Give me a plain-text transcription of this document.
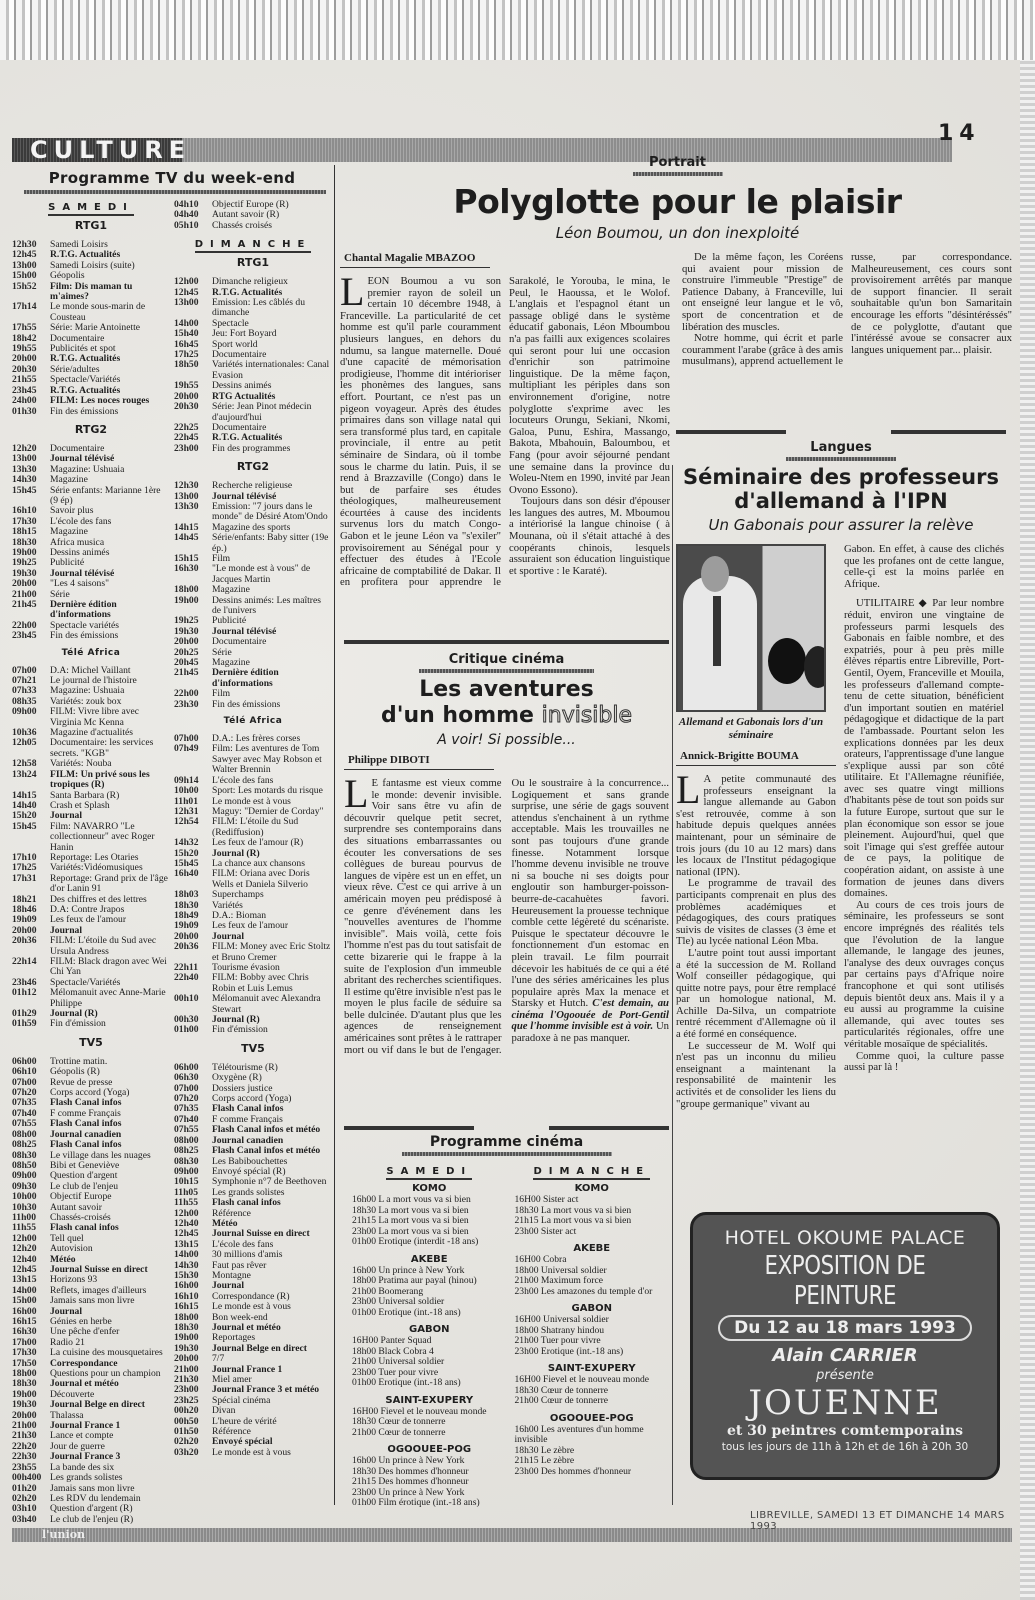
CULTURE
14
Programme TV du week-end
SAMEDI
RTG1
12h30	Samedi Loisirs
12h45	R.T.G. Actualités
13h00	Samedi Loisirs (suite)
15h00	Géopolis
15h52	Film: Dis maman tu m'aimes?
17h14	Le monde sous-marin de Cousteau
17h55	Série: Marie Antoinette
18h42	Documentaire
19h55	Publicités et spot
20h00	R.T.G. Actualités
20h30	Série/adultes
21h55	Spectacle/Variétés
23h45	R.T.G. Actualités
24h00	FILM: Les noces rouges
01h30	Fin des émissions
RTG2
12h20	Documentaire
13h00	Journal télévisé
13h30	Magazine: Ushuaia
14h30	Magazine
15h45	Série enfants: Marianne 1ère (9 ép)
16h10	Savoir plus
17h30	L'école des fans
18h15	Magazine
18h30	Africa musica
19h00	Dessins animés
19h25	Publicité
19h30	Journal télévisé
20h00	"Les 4 saisons"
21h00	Série
21h45	Dernière édition d'informations
22h00	Spectacle variétés
23h45	Fin des émissions
Télé Africa
07h00	D.A: Michel Vaillant
07h21	Le journal de l'histoire
07h33	Magazine: Ushuaia
08h35	Variétés: zouk box
09h00	FILM: Vivre libre avec Virginia Mc Kenna
10h36	Magazine d'actualités
12h05	Documentaire: les services secrets. "KGB"
12h58	Variétés: Nouba
13h24	FILM: Un privé sous les tropiques (R)
14h15	Santa Barbara (R)
14h40	Crash et Splash
15h20	Journal
15h45	Film: NAVARRO "Le collectionneur" avec Roger Hanin
17h10	Reportage: Les Otaries
17h25	Variétés:Vidéomusiques
17h31	Reportage: Grand prix de l'âge d'or Lanin 91
18h21	Des chiffres et des lettres
18h46	D.A: Contre Jrapos
19h09	Les feux de l'amour
20h00	Journal
20h36	FILM: L'étoile du Sud avec Ursula Andress
22h14	FILM: Black dragon avec Wei Chi Yan
23h46	Spectacle/Variétés
01h12	Mélomanuit avec Anne-Marie Philippe
01h29	Journal (R)
01h59	Fin d'émission
TV5
06h00	Trottine matin.
06h10	Géopolis (R)
07h00	Revue de presse
07h20	Corps accord (Yoga)
07h35	Flash Canal infos
07h40	F comme Français
07h55	Flash Canal infos
08h00	Journal canadien
08h25	Flash Canal infos
08h30	Le village dans les nuages
08h50	Bibi et Geneviève
09h00	Question d'argent
09h30	Le club de l'enjeu
10h00	Objectif Europe
10h30	Autant savoir
11h00	Chassés-croisés
11h55	Flash canal infos
12h00	Tell quel
12h20	Autovision
12h40	Météo
12h45	Journal Suisse en direct
13h15	Horizons 93
14h00	Reflets, images d'ailleurs
15h00	Jamais sans mon livre
16h00	Journal
16h15	Génies en herbe
16h30	Une pêche d'enfer
17h00	Radio 21
17h30	La cuisine des mousquetaires
17h50	Correspondance
18h00	Questions pour un champion
18h30	Journal et météo
19h00	Découverte
19h30	Journal Belge en direct
20h00	Thalassa
21h00	Journal France 1
21h30	Lance et compte
22h20	Jour de guerre
22h30	Journal France 3
23h55	La bande des six
00h400 Les grands solistes
01h20	Jamais sans mon livre
02h20	Les RDV du lendemain
03h10	Question d'argent (R)
03h40	Le club de l'enjeu (R)
04h10	Objectif Europe (R)
04h40	Autant savoir (R)
05h10	Chassés croisés
DIMANCHE
RTG1
12h00	Dimanche religieux
12h45	R.T.G. Actualités
13h00	Emission: Les câblés du dimanche
14h00	Spectacle
15h40	Jeu: Fort Boyard
16h45	Sport world
17h25	Documentaire
18h50	Variétés internationales: Canal Evasion
19h55	Dessins animés
20h00	RTG Actualités
20h30	Série: Jean Pinot médecin d'aujourd'hui
22h25	Documentaire
22h45	R.T.G. Actualités
23h00	Fin des programmes
RTG2
12h30	Recherche religieuse
13h00	Journal télévisé
13h30	Emission: "7 jours dans le monde" de Désiré Atom'Ondo
14h15	Magazine des sports
14h45	Série/enfants: Baby sitter (19e ép.)
15h15	Film
16h30	"Le monde est à vous" de Jacques Martin
18h00	Magazine
19h00	Dessins animés: Les maîtres de l'univers
19h25	Publicité
19h30	Journal télévisé
20h00	Documentaire
20h25	Série
20h45	Magazine
21h45	Dernière édition d'informations
22h00	Film
23h30	Fin des émissions
Télé Africa
07h00	D.A.: Les frères corses
07h49	Film: Les aventures de Tom Sawyer avec May Robson et Walter Brennin
09h14	L'école des fans
10h00	Sport: Les motards du risque
11h01	Le monde est à vous
12h31	Maguy: "Dernier de Corday"
12h54	FILM: L'étoile du Sud (Rediffusion)
14h32	Les feux de l'amour (R)
15h20	Journal (R)
15h45	La chance aux chansons
16h40	FILM: Oriana avec Doris Wells et Daniela Silverio
18h03	Superchamps
18h30	Variétés
18h49	D.A.: Bioman
19h09	Les feux de l'amour
20h00	Journal
20h36	FILM: Money avec Eric Stoltz et Bruno Cremer
22h11	Tourisme évasion
22h40	FILM: Bobby avec Chris Robin et Luis Lemus
00h10	Mélomanuit avec Alexandra Stewart
00h30	Journal (R)
01h00	Fin d'émission
TV5
06h00	Télétourisme (R)
06h30	Oxygène (R)
07h00	Dossiers justice
07h20	Corps accord (Yoga)
07h35	Flash Canal infos
07h40	F comme Français
07h55	Flash Canal infos et météo
08h00	Journal canadien
08h25	Flash Canal infos et météo
08h30	Les Babibouchettes
09h00	Envoyé spécial (R)
10h15	Symphonie n°7 de Beethoven
11h05	Les grands solistes
11h55	Flash canal infos
12h00	Référence
12h40	Météo
12h45	Journal Suisse en direct
13h15	L'école des fans
14h00	30 millions d'amis
14h30	Faut pas rêver
15h30	Montagne
16h00	Journal
16h10	Correspondance (R)
16h15	Le monde est à vous
18h00	Bon week-end
18h30	Journal et météo
19h00	Reportages
19h30	Journal Belge en direct
20h00	7/7
21h00	Journal France 1
21h30	Miel amer
23h00	Journal France 3 et météo
23h25	Spécial cinéma
00h20	Divan
00h50	L'heure de vérité
01h50	Référence
02h20	Envoyé spécial
03h20	Le monde est à vous
Portrait
Polyglotte pour le plaisir
Léon Boumou, un don inexploité
Chantal Magalie MBAZOO

LEON Boumou a vu son premier rayon de soleil un certain 10 décembre 1948, à Franceville. La particularité de cet homme est qu'il parle couramment plusieurs langues, en dehors du ndumu, sa langue maternelle. Doué d'une capacité de mémorisation prodigieuse, l'homme dit intérioriser les phonèmes des langues, sans effort. Pourtant, ce n'est pas un pigeon voyageur. Après des études primaires dans son village natal qui sera transformé plus tard, en capitale provinciale, il entre au petit séminaire de Sindara, où il tombe sous le charme du latin. Puis, il se rend à Brazzaville (Congo) dans le but de parfaire ses études théologiques, malheureusement écourtées à cause des incidents survenus lors du match Congo-Gabon et le jeune Léon va "s'exiler" provisoirement au Sénégal pour y effectuer des études à l'Ecole africaine de comptabilité de Dakar. Il en profitera pour apprendre le Sarakolé, le Yorouba, le mina, le Peul, le Haoussa, et le Wolof. L'anglais et l'espagnol étant un passage obligé dans le système éducatif gabonais, Léon Mboumbou n'a pas failli aux exigences scolaires qui seront pour lui une occasion d'enrichir son patrimoine linguistique. De la même façon, multipliant les périples dans son environnement d'origine, notre polyglotte s'exprime avec les locuteurs Orungu, Sekiani, Nkomi, Galoa, Punu, Eshira, Massango, Bakota, Mbahouin, Baloumbou, et Fang (pour avoir séjourné pendant une semaine dans la province du Woleu-Ntem en 1990, invité par Jean Ovono Essono).

Toujours dans son désir d'épouser les langues des autres, M. Mboumou a intériorisé la langue chinoise ( à Mounana, où il s'était attaché à des coopérants chinois, lesquels assuraient son éducation linguistique et sportive : le Karaté).

De la même façon, les Coréens qui avaient pour mission de construire l'immeuble "Prestige" de Patience Dabany, à Franceville, lui ont enseigné leur langue et le vô, sport de concentration et de libération des muscles.

Notre homme, qui écrit et parle couramment l'arabe (grâce à des amis musulmans), apprend actuellement le russe, par correspondance. Malheureusement, ces cours sont provisoirement arrêtés par manque de support financier. Il serait souhaitable qu'un bon Samaritain encourage les efforts "désintéréssés" de ce polyglotte, d'autant que l'intéréssé avoue se consacrer aux langues uniquement par... plaisir.

Langues
Séminaire des professeurs d'allemand à l'IPN
Un Gabonais pour assurer la relève
Allemand et Gabonais lors d'un séminaire
Annick-Brigitte BOUMA

L A petite communauté des professeurs enseignant la langue allemande au Gabon s'est retrouvée, comme à son habitude depuis quelques années maintenant, pour un séminaire de trois jours (du 10 au 12 mars) dans les locaux de l'Institut pédagogique national (IPN).

Le programme de travail des participants comprenait en plus des problèmes académiques et pédagogiques, des cours pratiques suivis de visites de classes (3 ème et Tle) au lycée national Léon Mba.

L'autre point tout aussi important a été la succession de M. Rolland Wolf conseiller pédagogique, qui quitte notre pays, pour être remplacé par un homologue national, M. Achille Da-Silva, un compatriote rentré récemment d'Allemagne où il a été formé en conséquence.

Le successeur de M. Wolf qui n'est pas un inconnu du milieu enseignant a maintenant la responsabilité de maintenir les activités et de consolider les liens du "groupe germanique" vivant au

Gabon. En effet, à cause des clichés que les profanes ont de cette langue, celle-çi est la moins parlée en Afrique.

UTILITAIRE ◆ Par leur nombre réduit, environ une vingtaine de professeurs parmi lesquels des Gabonais en faible nombre, et des expatriés, pour à peu près mille élèves répartis entre Libreville, Port-Gentil, Oyem, Franceville et Mouila, les professeurs d'allemand compte-tenu de cette situation, bénéficient d'un important soutien en matériel pédagogique et didactique de la part de l'ambassade. Pourtant selon les explications données par les deux orateurs, l'apprentissage d'une langue s'explique aussi par son côté utilitaire. Et l'Allemagne réunifiée, avec ses quatre vingt millions d'habitants pèse de tout son poids sur la future Europe, surtout que sur le plan économique son essor se joue pleinement. Aujourd'hui, quel que soit l'image qui s'est greffée autour de ce pays, la politique de coopération aidant, on assiste à une formation de jeunes dans divers domaines.

Au cours de ces trois jours de séminaire, les professeurs se sont encore imprégnés des réalités tels que l'évolution de la langue allemande, le langage des jeunes, l'analyse des deux ouvrages conçus par certains pays d'Afrique noire francophone et qui sont utilisés depuis bientôt deux ans. Mais il y a eu aussi au programme la cuisine allemande, qui avec toutes ses particularités régionales, offre une véritable mosaïque de spécialités.

Comme quoi, la culture passe aussi par là !

Critique cinéma
Les aventures
d'un homme invisible
A voir! Si possible...
Philippe DIBOTI

L E fantasme est vieux comme le monde: devenir invisible. Voir sans être vu afin de découvrir quelque petit secret, surprendre ses contemporains dans des situations embarrassantes ou écouter les conversations de ses collègues de bureau pourvus de langues de vipère est un en effet, un vieux rêve. C'est ce qui arrive à un américain moyen peu prédisposé à ce genre d'événement dans les "nouvelles aventures de l'homme invisible". Mais voilà, cette fois l'homme n'est pas du tout satisfait de cette bizarerie qui le frappe à la suite de l'explosion d'un immeuble abritant des recherches scientifiques. Il estime qu'être invisible n'est pas le moyen le plus facile de séduire sa belle dulcinée. D'autant plus que les agences de renseignement américaines sont prêtes à le rattraper mort ou vif dans le but de l'engager. Ou le soustraire à la concurrence... Logiquement et sans grande surprise, une série de gags souvent attendus s'enchainent à un rythme acceptable. Mais les trouvailles ne sont pas toujours d'une grande finesse. Notamment lorsque l'homme devenu invisible ne trouve ni sa bouche ni ses doigts pour engloutir son hamburger-poisson-beurre-de-cacahuètes favori. Heureusement la prouesse technique comble cette légèreté du scénariste. Puisque le spectateur découvre le fonctionnement d'un estomac en plein travail. Le film pourrait décevoir les habitués de ce qui a été l'une des séries américaines les plus populaire après Max la menace et Starsky et Hutch. C'est demain, au cinéma l'Ogoouée de Port-Gentil que l'homme invisible est à voir. Un paradoxe à ne pas manquer.

Programme cinéma
SAMEDI
KOMO
16h00 L a mort vous va si bien
18h30 La mort vous va si bien
21h15 La mort vous va si bien
23h00 La mort vous va si bien
01h00 Erotique (interdit -18 ans)
AKEBE
16h00 Un prince à New York
18h00 Pratima aur payal (hinou)
21h00 Boomerang
23h00 Universal soldier
01h00 Erotique (int.-18 ans)
GABON
16H00 Panter Squad
18h00 Black Cobra 4
21h00 Universal soldier
23h00 Tuer pour vivre
01h00 Erotique (int.-18 ans)
SAINT-EXUPERY
16H00 Fievel et le nouveau monde
18h30 Cœur de tonnerre
21h00 Cœur de tonnerre
OGOOUEE-POG
16h00 Un prince à New York
18h30 Des hommes d'honneur
21h15 Des hommes d'honneur
23h00 Un prince à New York
01h00 Film érotique (int.-18 ans)
DIMANCHE
KOMO
16H00 Sister act
18h30 La mort vous va si bien
21h15 La mort vous va si bien
23h00 Sister act
AKEBE
16H00 Cobra
18h00 Universal soldier
21h00 Maximum force
23h00 Les amazones du temple d'or
GABON
16H00 Universal soldier
18h00 Shatrany hindou
21h00 Tuer pour vivre
23h00 Erotique (int.-18 ans)
SAINT-EXUPERY
16H00 Fievel et le nouveau monde
18h30 Cœur de tonnerre
21h00 Cœur de tonnerre
OGOOUEE-POG
16h00 Les aventures d'un homme invisible
18h30 Le zèbre
21h15 Le zèbre
23h00 Des hommes d'honneur
HOTEL OKOUME PALACE
EXPOSITION DE PEINTURE
Du 12 au 18 mars 1993
Alain CARRIER
présente
JOUENNE
et 30 peintres comtemporains
tous les jours de 11h à 12h et de 16h à 20h 30
l'union
LIBREVILLE, SAMEDI 13 ET DIMANCHE 14 MARS 1993
